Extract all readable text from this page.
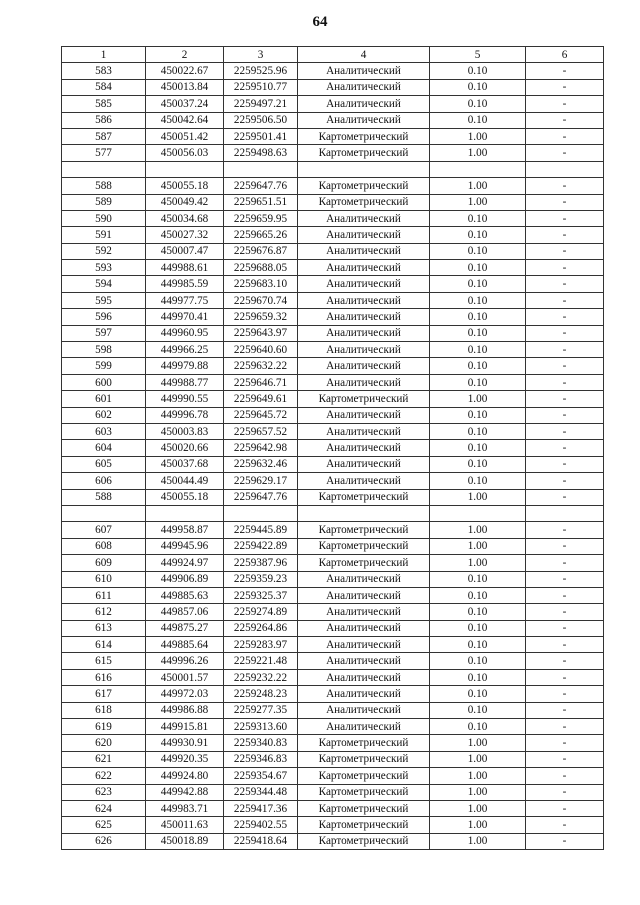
64
1	2	3	4	5	6
583	450022.67	2259525.96	Аналитический	0.10	-
584	450013.84	2259510.77	Аналитический	0.10	-
585	450037.24	2259497.21	Аналитический	0.10	-
586	450042.64	2259506.50	Аналитический	0.10	-
587	450051.42	2259501.41	Картометрический	1.00	-
577	450056.03	2259498.63	Картометрический	1.00	-

588	450055.18	2259647.76	Картометрический	1.00	-
589	450049.42	2259651.51	Картометрический	1.00	-
590	450034.68	2259659.95	Аналитический	0.10	-
591	450027.32	2259665.26	Аналитический	0.10	-
592	450007.47	2259676.87	Аналитический	0.10	-
593	449988.61	2259688.05	Аналитический	0.10	-
594	449985.59	2259683.10	Аналитический	0.10	-
595	449977.75	2259670.74	Аналитический	0.10	-
596	449970.41	2259659.32	Аналитический	0.10	-
597	449960.95	2259643.97	Аналитический	0.10	-
598	449966.25	2259640.60	Аналитический	0.10	-
599	449979.88	2259632.22	Аналитический	0.10	-
600	449988.77	2259646.71	Аналитический	0.10	-
601	449990.55	2259649.61	Картометрический	1.00	-
602	449996.78	2259645.72	Аналитический	0.10	-
603	450003.83	2259657.52	Аналитический	0.10	-
604	450020.66	2259642.98	Аналитический	0.10	-
605	450037.68	2259632.46	Аналитический	0.10	-
606	450044.49	2259629.17	Аналитический	0.10	-
588	450055.18	2259647.76	Картометрический	1.00	-

607	449958.87	2259445.89	Картометрический	1.00	-
608	449945.96	2259422.89	Картометрический	1.00	-
609	449924.97	2259387.96	Картометрический	1.00	-
610	449906.89	2259359.23	Аналитический	0.10	-
611	449885.63	2259325.37	Аналитический	0.10	-
612	449857.06	2259274.89	Аналитический	0.10	-
613	449875.27	2259264.86	Аналитический	0.10	-
614	449885.64	2259283.97	Аналитический	0.10	-
615	449996.26	2259221.48	Аналитический	0.10	-
616	450001.57	2259232.22	Аналитический	0.10	-
617	449972.03	2259248.23	Аналитический	0.10	-
618	449986.88	2259277.35	Аналитический	0.10	-
619	449915.81	2259313.60	Аналитический	0.10	-
620	449930.91	2259340.83	Картометрический	1.00	-
621	449920.35	2259346.83	Картометрический	1.00	-
622	449924.80	2259354.67	Картометрический	1.00	-
623	449942.88	2259344.48	Картометрический	1.00	-
624	449983.71	2259417.36	Картометрический	1.00	-
625	450011.63	2259402.55	Картометрический	1.00	-
626	450018.89	2259418.64	Картометрический	1.00	-
